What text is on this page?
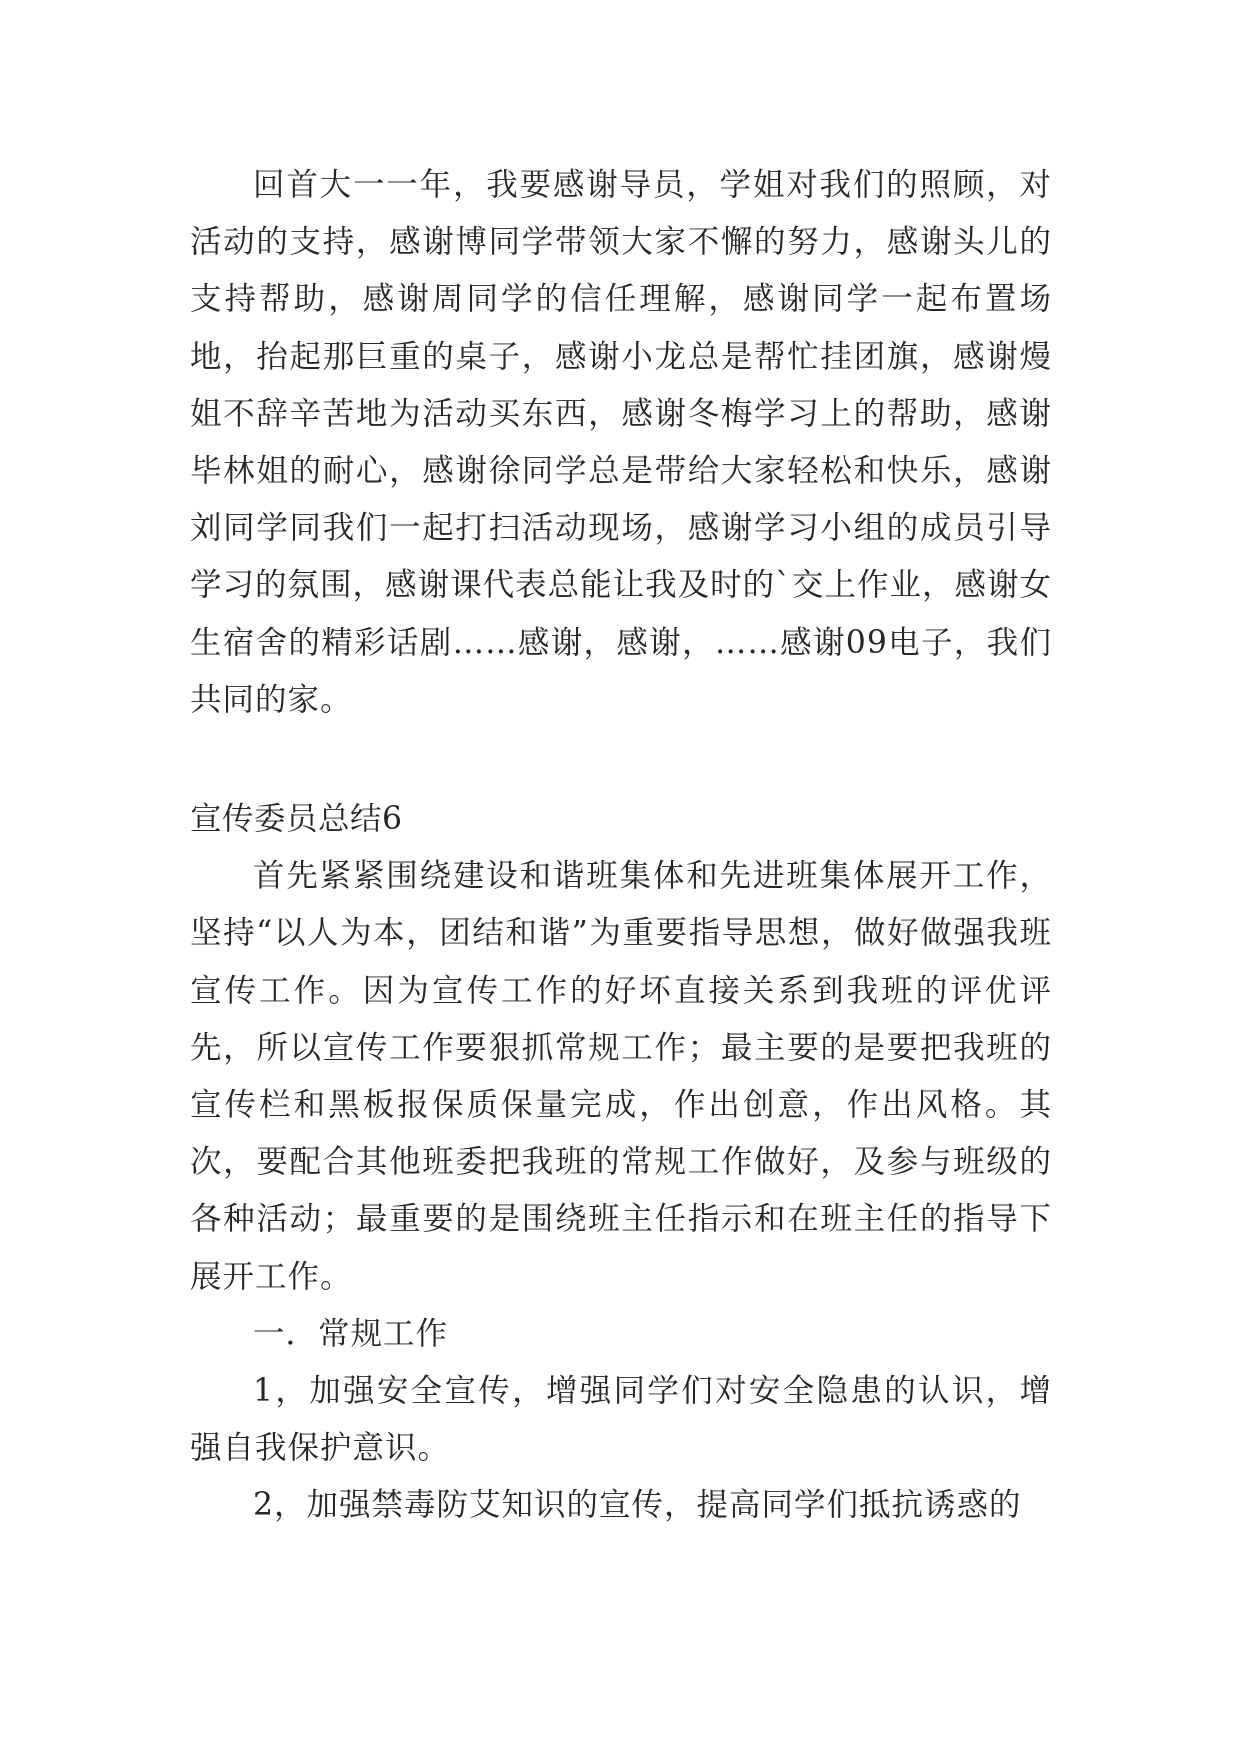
回首大一一年，我要感谢导员，学姐对我们的照顾，对活动的支持，感谢博同学带领大家不懈的努力，感谢头儿的支持帮助，感谢周同学的信任理解，感谢同学一起布置场地，抬起那巨重的桌子，感谢小龙总是帮忙挂团旗，感谢熳姐不辞辛苦地为活动买东西，感谢冬梅学习上的帮助，感谢毕林姐的耐心，感谢徐同学总是带给大家轻松和快乐，感谢刘同学同我们一起打扫活动现场，感谢学习小组的成员引导学习的氛围，感谢课代表总能让我及时的`交上作业，感谢女生宿舍的精彩话剧……感谢，感谢，……感谢09电子，我们共同的家。

宣传委员总结6

首先紧紧围绕建设和谐班集体和先进班集体展开工作，坚持“以人为本，团结和谐”为重要指导思想，做好做强我班宣传工作。因为宣传工作的好坏直接关系到我班的评优评先，所以宣传工作要狠抓常规工作；最主要的是要把我班的宣传栏和黑板报保质保量完成，作出创意，作出风格。其次，要配合其他班委把我班的常规工作做好，及参与班级的各种活动；最重要的是围绕班主任指示和在班主任的指导下展开工作。

一．常规工作

1，加强安全宣传，增强同学们对安全隐患的认识，增强自我保护意识。

2，加强禁毒防艾知识的宣传，提高同学们抵抗诱惑的
